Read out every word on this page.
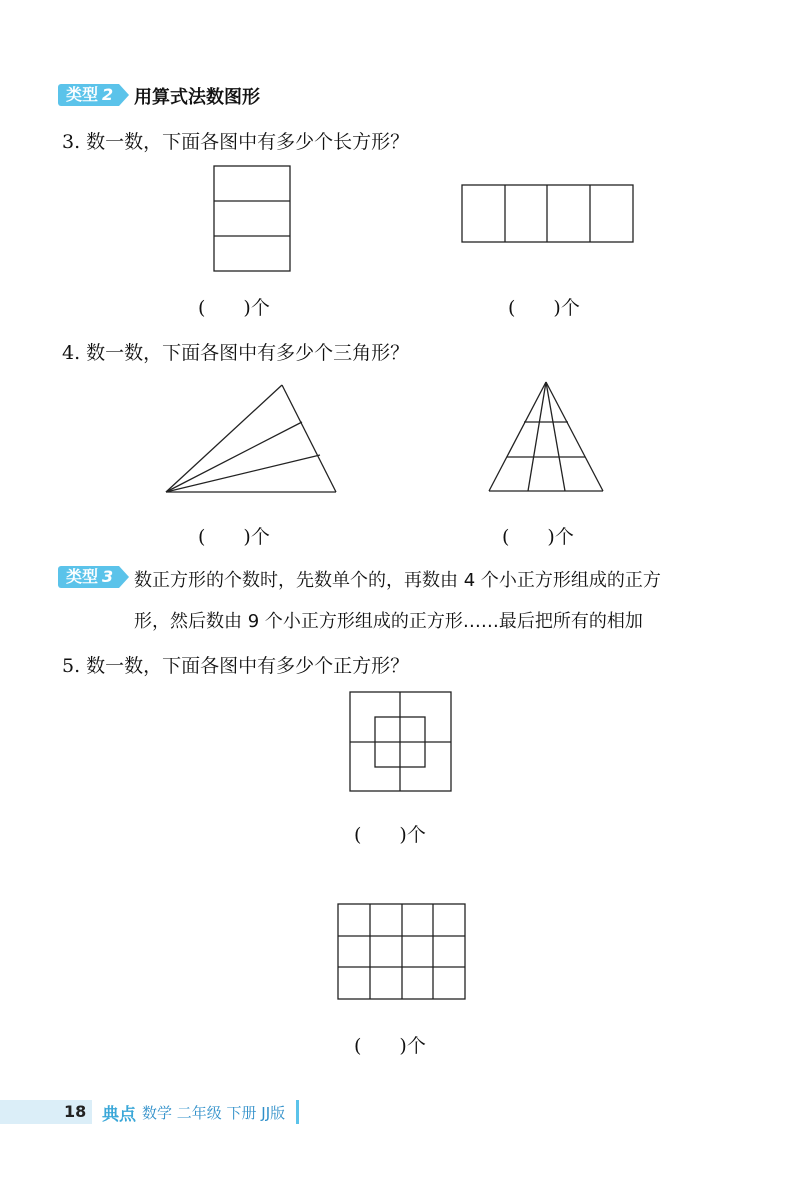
类型 2	用算式法数图形
3. 数一数，下面各图中有多少个长方形？
(　　)个	(　　)个
4. 数一数，下面各图中有多少个三角形？
(　　)个	(　　)个
类型 3	数正方形的个数时，先数单个的，再数由 4 个小正方形组成的正方
形，然后数由 9 个小正方形组成的正方形……最后把所有的相加
5. 数一数，下面各图中有多少个正方形？
(　　)个
(　　)个
18 典点 数学 二年级 下册 JJ版
